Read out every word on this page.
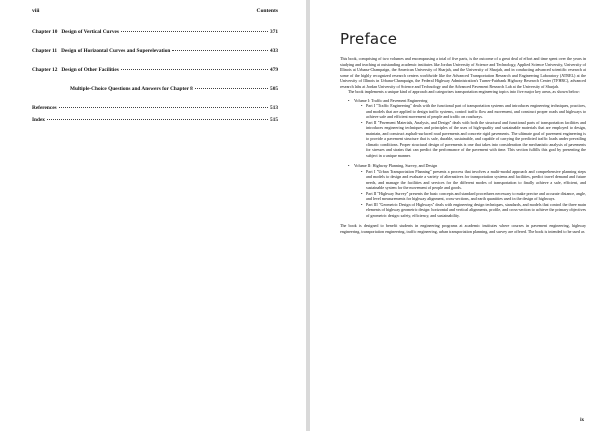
viii	Contents
Chapter 10 Design of Vertical Curves	371
Chapter 11 Design of Horizontal Curves and Superelevation	433
Chapter 12 Design of Other Facilities	479
Multiple-Choice Questions and Answers for Chapter 8	505
References	513
Index	515
Preface

This book, comprising of two volumes and encompassing a total of five parts, is the outcome of a great deal of effort and time spent over the years in studying and teaching at outstanding academic institutes like Jordan University of Science and Technology, Applied Science University, University of Illinois at Urbana-Champaign, the American University of Sharjah, and the University of Sharjah, and in conducting advanced scientific research at some of the highly recognized research centers worldwide like the Advanced Transportation Research and Engineering Laboratory (ATREL) at the University of Illinois in Urbana-Champaign, the Federal Highway Administration's Turner-Fairbank Highway Research Center (TFHRC), advanced research labs at Jordan University of Science and Technology and the Advanced Pavement Research Lab at the University of Sharjah.

The book implements a unique kind of approach and categorizes transportation engineering topics into five major key areas, as shown below:

• Volume I: Traffic and Pavement Engineering
• Part I "Traffic Engineering" deals with the functional part of transportation systems and introduces engineering techniques, practices, and models that are applied to design traffic systems, control traffic flow and movement, and construct proper roads and highways to achieve safe and efficient movement of people and traffic on roadways.
• Part II "Pavement Materials, Analysis, and Design" deals with both the structural and functional parts of transportation facilities and introduces engineering techniques and principles of the uses of high-quality and sustainable materials that are employed to design, maintain, and construct asphalt-surfaced road pavements and concrete rigid pavements. The ultimate goal of pavement engineering is to provide a pavement structure that is safe, durable, sustainable, and capable of carrying the predicted traffic loads under prevailing climatic conditions. Proper structural design of pavements is one that takes into consideration the mechanistic analysis of pavements for stresses and strains that can predict the performance of the pavement with time. This section fulfills this goal by presenting the subject in a unique manner.
• Volume II: Highway Planning, Survey, and Design
• Part I "Urban Transportation Planning" presents a process that involves a multi-modal approach and comprehensive planning steps and models to design and evaluate a variety of alternatives for transportation systems and facilities, predict travel demand and future needs, and manage the facilities and services for the different modes of transportation to finally achieve a safe, efficient, and sustainable system for the movement of people and goods.
• Part II "Highway Survey" presents the basic concepts and standard procedures necessary to make precise and accurate distance, angle, and level measurements for highway alignment, cross-sections, and earth quantities used in the design of highways.
• Part III "Geometric Design of Highways" deals with engineering design techniques, standards, and models that control the three main elements of highway geometric design: horizontal and vertical alignments, profile, and cross-section to achieve the primary objectives of geometric design: safety, efficiency, and sustainability.

The book is designed to benefit students in engineering programs at academic institutes where courses in pavement engineering, highway engineering, transportation engineering, traffic engineering, urban transportation planning, and survey are offered. The book is intended to be used as

ix
